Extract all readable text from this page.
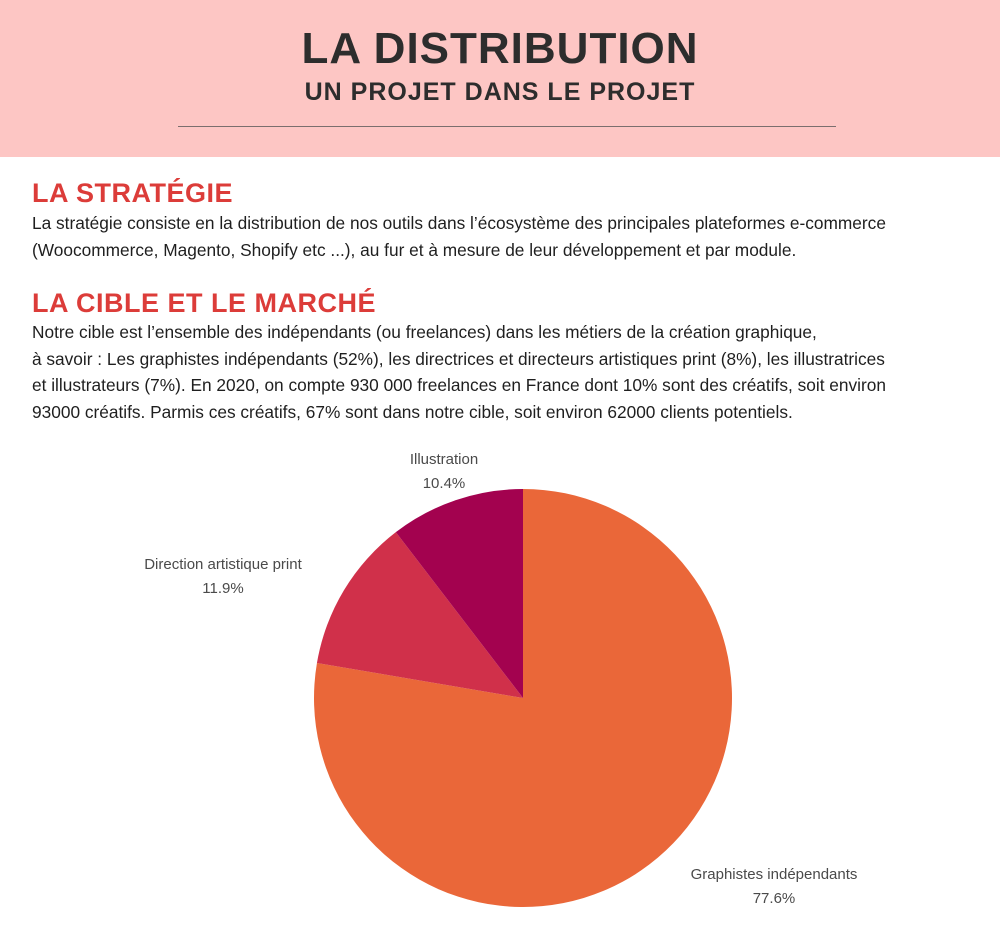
LA DISTRIBUTION
UN PROJET DANS LE PROJET
LA STRATÉGIE
La stratégie consiste en la distribution de nos outils dans l’écosystème des principales plateformes e-commerce
(Woocommerce, Magento, Shopify etc ...), au fur et à mesure de leur développement et par module.
LA CIBLE ET LE MARCHÉ
Notre cible est l’ensemble des indépendants (ou freelances) dans les métiers de la création graphique,
à savoir : Les graphistes indépendants (52%), les directrices et directeurs artistiques print (8%), les illustratrices
et illustrateurs (7%). En 2020, on compte 930 000 freelances en France dont 10% sont des créatifs, soit environ
93000 créatifs. Parmis ces créatifs, 67% sont dans notre cible, soit environ 62000 clients potentiels.
Graphistes indépendants
77.6%
Direction artistique print
11.9%
Illustration
10.4%
